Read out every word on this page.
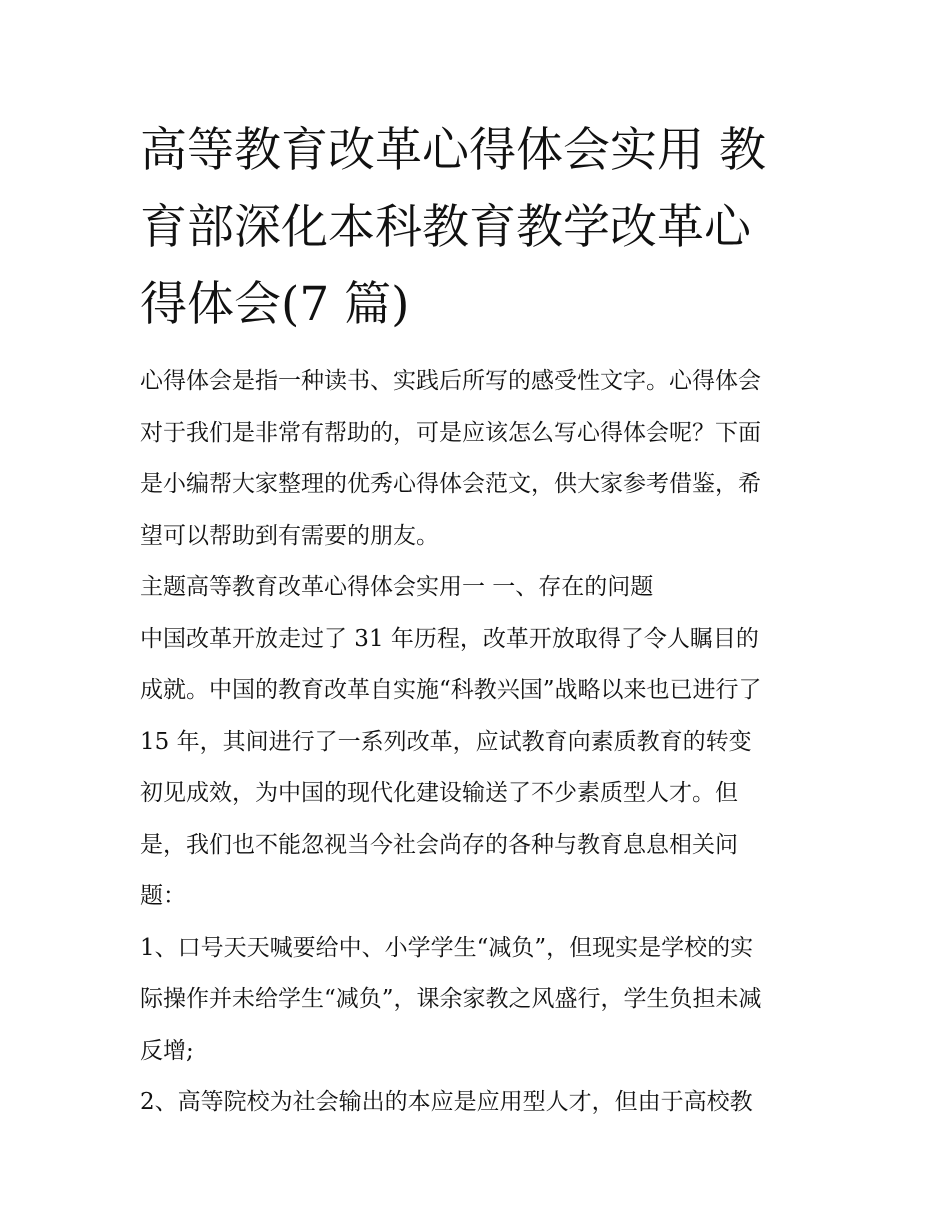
高等教育改革心得体会实用 教
育部深化本科教育教学改革心
得体会(7 篇)
心得体会是指一种读书、实践后所写的感受性文字。心得体会
对于我们是非常有帮助的，可是应该怎么写心得体会呢？下面
是小编帮大家整理的优秀心得体会范文，供大家参考借鉴，希
望可以帮助到有需要的朋友。
主题高等教育改革心得体会实用一 一、存在的问题
中国改革开放走过了 31 年历程，改革开放取得了令人瞩目的
成就。中国的教育改革自实施“科教兴国”战略以来也已进行了
15 年，其间进行了一系列改革，应试教育向素质教育的转变
初见成效，为中国的现代化建设输送了不少素质型人才。但
是，我们也不能忽视当今社会尚存的各种与教育息息相关问
题：
1、口号天天喊要给中、小学学生“减负”，但现实是学校的实
际操作并未给学生“减负”，课余家教之风盛行，学生负担未减
反增;
2、高等院校为社会输出的本应是应用型人才，但由于高校教
